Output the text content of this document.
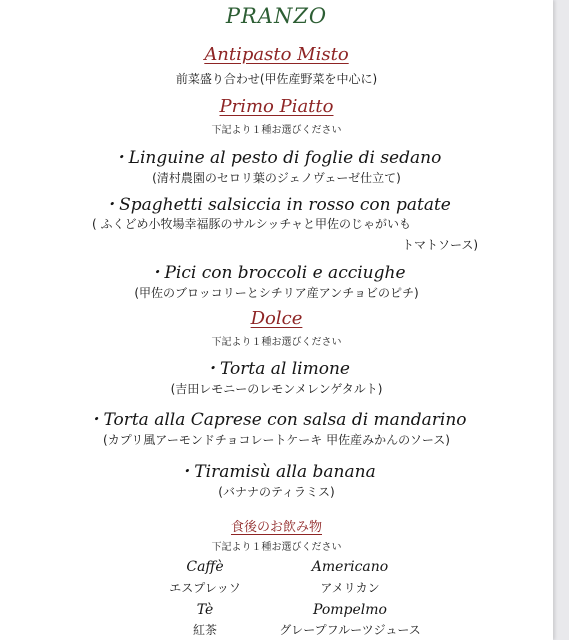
PRANZO
Antipasto Misto
前菜盛り合わせ(甲佐産野菜を中心に)
Primo Piatto
下記より１種お選びください
・Linguine al pesto di foglie di sedano
(清村農園のセロリ葉のジェノヴェーゼ仕立て)
・Spaghetti salsiccia in rosso con patate
( ふくどめ小牧場幸福豚のサルシッチャと甲佐のじゃがいも
トマトソース)
・Pici con broccoli e acciughe
(甲佐のブロッコリーとシチリア産アンチョビのピチ)
Dolce
下記より１種お選びください
・Torta al limone
(吉田レモニーのレモンメレンゲタルト)
・Torta alla Caprese con salsa di mandarino
(カプリ風アーモンドチョコレートケーキ 甲佐産みかんのソース)
・Tiramisù alla banana
(バナナのティラミス)
食後のお飲み物
下記より１種お選びください
Caffè
エスプレッソ
Americano
アメリカン
Tè
紅茶
Pompelmo
グレープフルーツジュース
